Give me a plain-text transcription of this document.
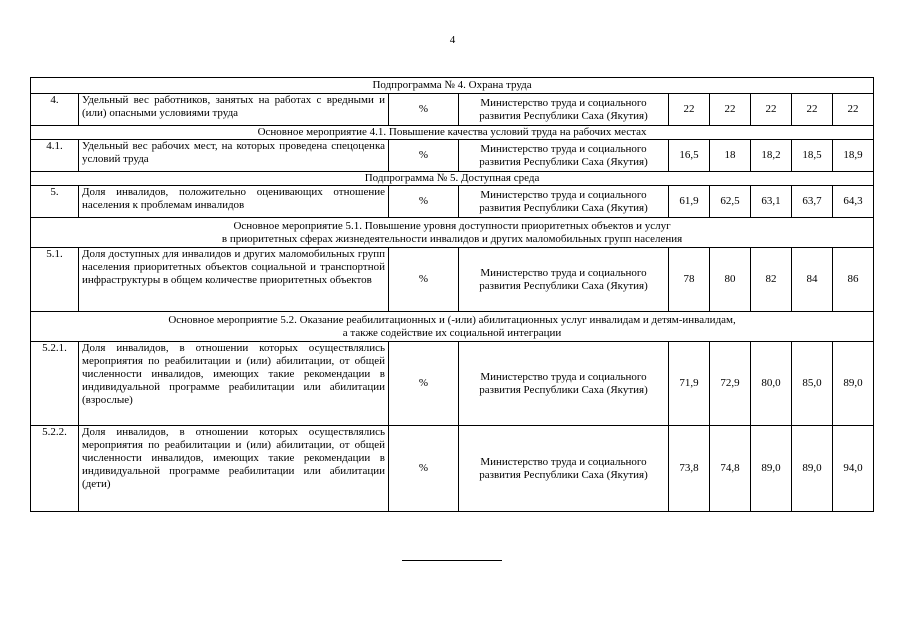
4
Подпрограмма № 4. Охрана труда								

4.	Удельный вес работников, занятых на работах с вредными и (или) опасными условиями труда	%	Министерство труда и социального
развития Республики Саха (Якутия)	22	22	22	22	22

Основное мероприятие 4.1. Повышение качества условий труда на рабочих местах								

4.1.	Удельный вес рабочих мест, на которых проведена спецоценка условий труда	%	Министерство труда и социального
развития Республики Саха (Якутия)	16,5	18	18,2	18,5	18,9

Подпрограмма № 5. Доступная среда								

5.	Доля инвалидов, положительно оценивающих отношение населения к проблемам инвалидов	%	Министерство труда и социального
развития Республики Саха (Якутия)	61,9	62,5	63,1	63,7	64,3

Основное мероприятие 5.1. Повышение уровня доступности приоритетных объектов и услуг
в приоритетных сферах жизнедеятельности инвалидов и других маломобильных групп населения								

5.1.	Доля доступных для инвалидов и других маломобильных групп населения приоритетных объектов социальной и транспортной инфраструктуры в общем количестве приоритетных объектов	%	Министерство труда и социального
развития Республики Саха (Якутия)	78	80	82	84	86

Основное мероприятие 5.2. Оказание реабилитационных и (-или) абилитационных услуг инвалидам и детям-инвалидам,
а также содействие их социальной интеграции								

5.2.1.	Доля инвалидов, в отношении которых осуществлялись мероприятия по реабилитации и (или) абилитации, от общей численности инвалидов, имеющих такие рекомендации в индивидуальной программе реабилитации или абилитации (взрослые)	%	Министерство труда и социального
развития Республики Саха (Якутия)	71,9	72,9	80,0	85,0	89,0
5.2.2.	Доля инвалидов, в отношении которых осуществлялись мероприятия по реабилитации и (или) абилитации, от общей численности инвалидов, имеющих такие рекомендации в индивидуальной программе реабилитации или абилитации (дети)	%	Министерство труда и социального
развития Республики Саха (Якутия)	73,8	74,8	89,0	89,0	94,0
